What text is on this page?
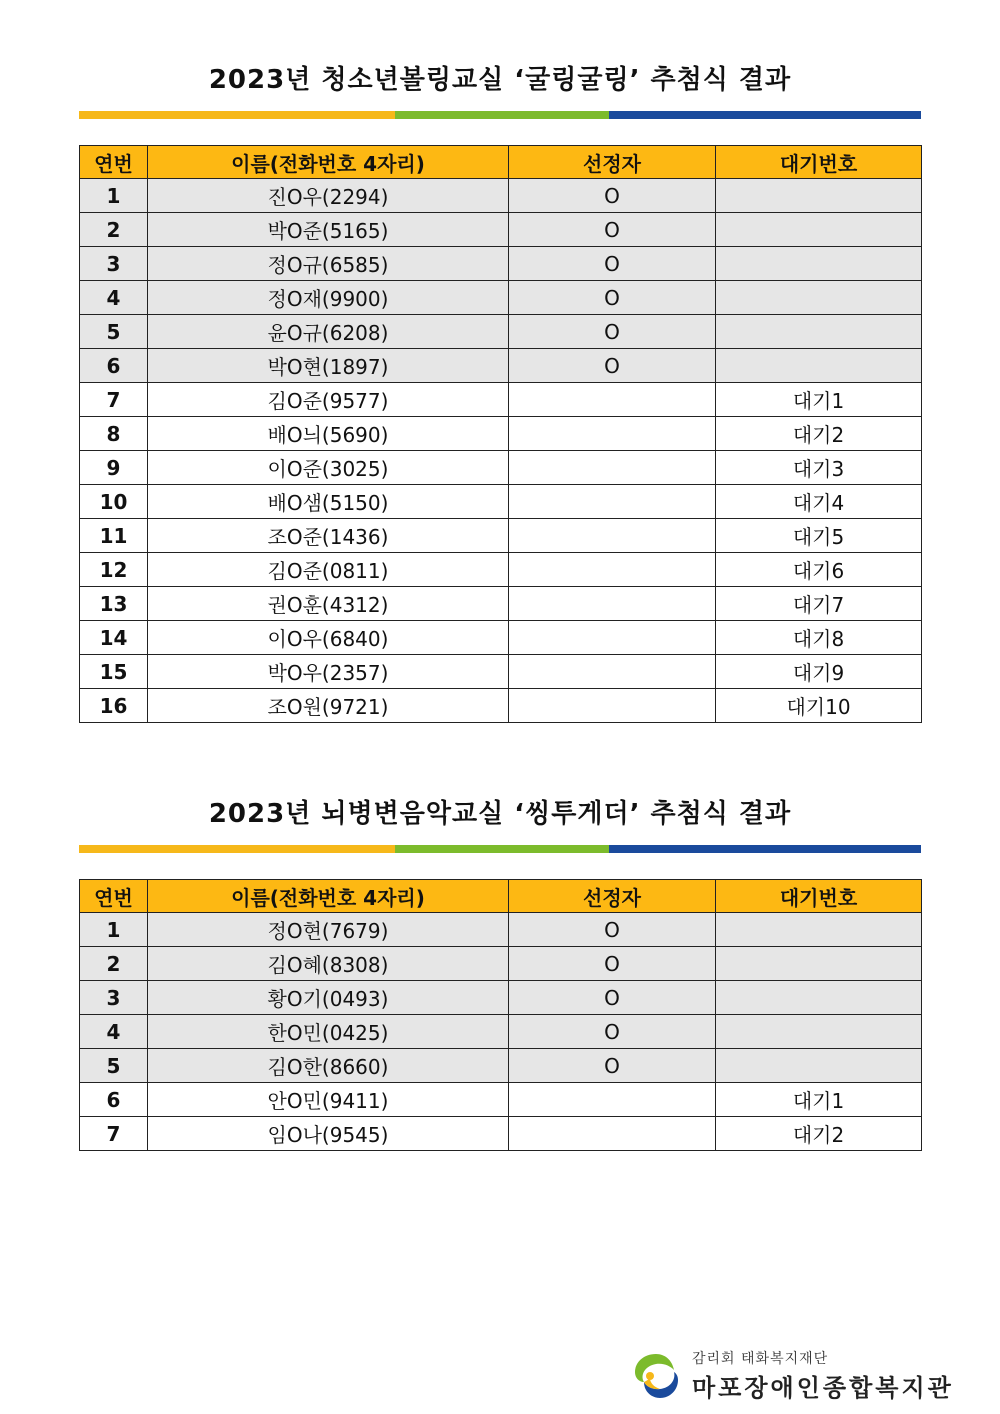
2023년 청소년볼링교실 ‘굴링굴링’ 추첨식 결과
연번	이름(전화번호 4자리)	선정자	대기번호
1	진O우(2294)	O	
2	박O준(5165)	O	
3	정O규(6585)	O	
4	정O재(9900)	O	
5	윤O규(6208)	O	
6	박O현(1897)	O	
7	김O준(9577)		대기1
8	배O늬(5690)		대기2
9	이O준(3025)		대기3
10	배O샘(5150)		대기4
11	조O준(1436)		대기5
12	김O준(0811)		대기6
13	권O훈(4312)		대기7
14	이O우(6840)		대기8
15	박O우(2357)		대기9
16	조O원(9721)		대기10
2023년 뇌병변음악교실 ‘씽투게더’ 추첨식 결과
연번	이름(전화번호 4자리)	선정자	대기번호
1	정O현(7679)	O	
2	김O혜(8308)	O	
3	황O기(0493)	O	
4	한O민(0425)	O	
5	김O한(8660)	O	
6	안O민(9411)		대기1
7	임O나(9545)		대기2
감리회 태화복지재단
마포장애인종합복지관
